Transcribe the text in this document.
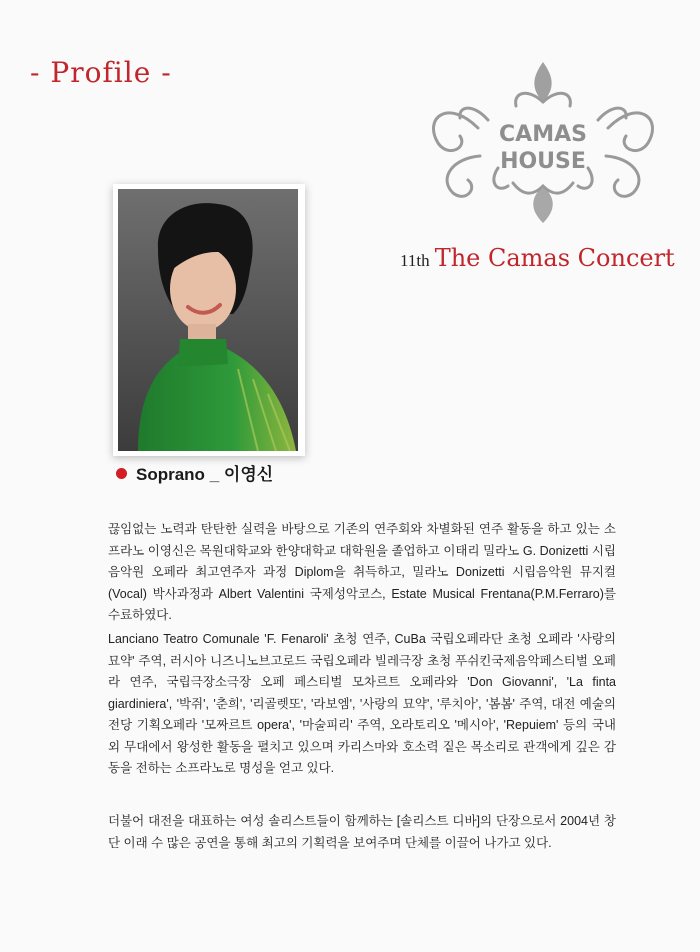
- Profile -
CAMAS
HOUSE
11th The Camas Concert
Soprano _ 이영신
끊임없는 노력과 탄탄한 실력을 바탕으로 기존의 연주회와 차별화된 연주 활동을 하고 있는 소프라노 이영신은 목원대학교와 한양대학교 대학원을 졸업하고 이태리 밀라노 G. Donizetti 시립음악원 오페라 최고연주자 과정 Diplom을 취득하고, 밀라노 Donizetti 시립음악원 뮤지컬(Vocal) 박사과정과 Albert Valentini 국제성악코스, Estate Musical Frentana(P.M.Ferraro)를 수료하였다.
Lanciano Teatro Comunale 'F. Fenaroli' 초청 연주, CuBa 국립오페라단 초청 오페라 '사랑의 묘약' 주역, 러시아 니즈니노브고로드 국립오페라 빌레극장 초청 푸쉬킨국제음악페스티벌 오페라 연주, 국립극장소극장 오페 페스티벌 모차르트 오페라와 'Don Giovanni', 'La finta giardiniera', '박쥐', '춘희', '리골렛또', '라보엠', '사랑의 묘약', '루치아', '봄봄' 주역, 대전 예술의전당 기획오페라 '모짜르트 opera', '마술피리' 주역, 오라토리오 '메시아', 'Repuiem' 등의 국내외 무대에서 왕성한 활동을 펼치고 있으며 카리스마와 호소력 짙은 목소리로 관객에게 깊은 감동을 전하는 소프라노로 명성을 얻고 있다.
더불어 대전을 대표하는 여성 솔리스트들이 함께하는 [솔리스트 디바]의 단장으로서 2004년 창단 이래 수 많은 공연을 통해 최고의 기획력을 보여주며 단체를 이끌어 나가고 있다.
